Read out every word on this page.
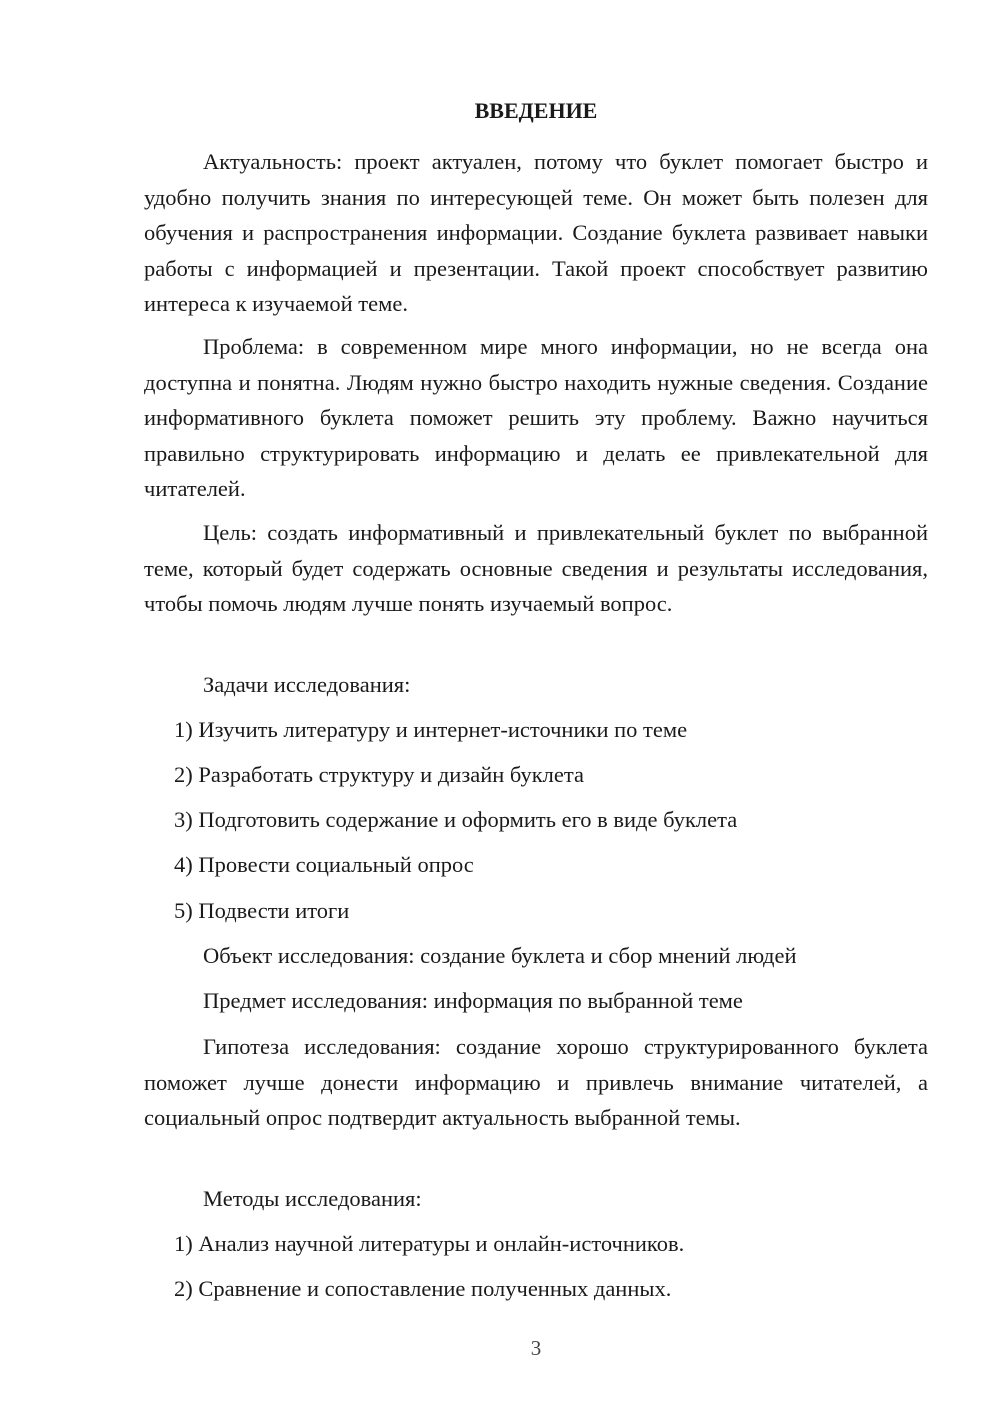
ВВЕДЕНИЕ

Актуальность: проект актуален, потому что буклет помогает быстро и удобно получить знания по интересующей теме. Он может быть полезен для обучения и распространения информации. Создание буклета развивает навыки работы с информацией и презентации. Такой проект способствует развитию интереса к изучаемой теме.

Проблема: в современном мире много информации, но не всегда она доступна и понятна. Людям нужно быстро находить нужные сведения. Создание информативного буклета поможет решить эту проблему. Важно научиться правильно структурировать информацию и делать ее привлекательной для читателей.

Цель: создать информативный и привлекательный буклет по выбранной теме, который будет содержать основные сведения и результаты исследования, чтобы помочь людям лучше понять изучаемый вопрос.

Задачи исследования:

1) Изучить литературу и интернет-источники по теме

2) Разработать структуру и дизайн буклета

3) Подготовить содержание и оформить его в виде буклета

4) Провести социальный опрос

5) Подвести итоги

Объект исследования: создание буклета и сбор мнений людей

Предмет исследования: информация по выбранной теме

Гипотеза исследования: создание хорошо структурированного буклета поможет лучше донести информацию и привлечь внимание читателей, а социальный опрос подтвердит актуальность выбранной темы.

Методы исследования:

1) Анализ научной литературы и онлайн-источников.

2) Сравнение и сопоставление полученных данных.

3
